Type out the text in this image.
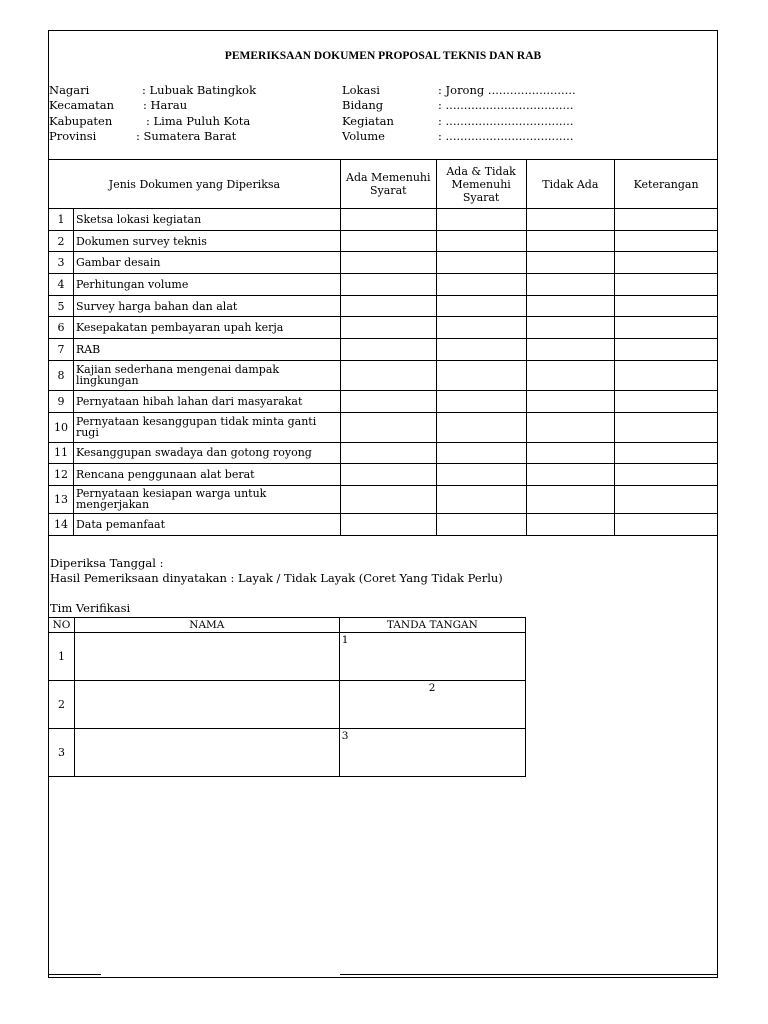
PEMERIKSAAN DOKUMEN PROPOSAL TEKNIS DAN RAB
Nagari	: Lubuak Batingkok
Kecamatan	: Harau
Kabupaten	: Lima Puluh Kota
Provinsi	: Sumatera Barat
Lokasi	: Jorong ........................
Bidang	: ...................................
Kegiatan	: ...................................
Volume	: ...................................
Jenis Dokumen yang Diperiksa		Ada Memenuhi Syarat	Ada & Tidak Memenuhi Syarat	Tidak Ada	Keterangan
1	Sketsa lokasi kegiatan				
2	Dokumen survey teknis				
3	Gambar desain				
4	Perhitungan volume				
5	Survey harga bahan dan alat				
6	Kesepakatan pembayaran upah kerja				
7	RAB				
8	Kajian sederhana mengenai dampak lingkungan				
9	Pernyataan hibah lahan dari masyarakat				
10	Pernyataan kesanggupan tidak minta ganti rugi				
11	Kesanggupan swadaya dan gotong royong				
12	Rencana penggunaan alat berat				
13	Pernyataan kesiapan warga untuk mengerjakan				
14	Data pemanfaat				
Diperiksa Tanggal :
Hasil Pemeriksaan dinyatakan : Layak / Tidak Layak (Coret Yang Tidak Perlu)
Tim Verifikasi
NO	NAMA	TANDA TANGAN
1		1

2		2

3		3
